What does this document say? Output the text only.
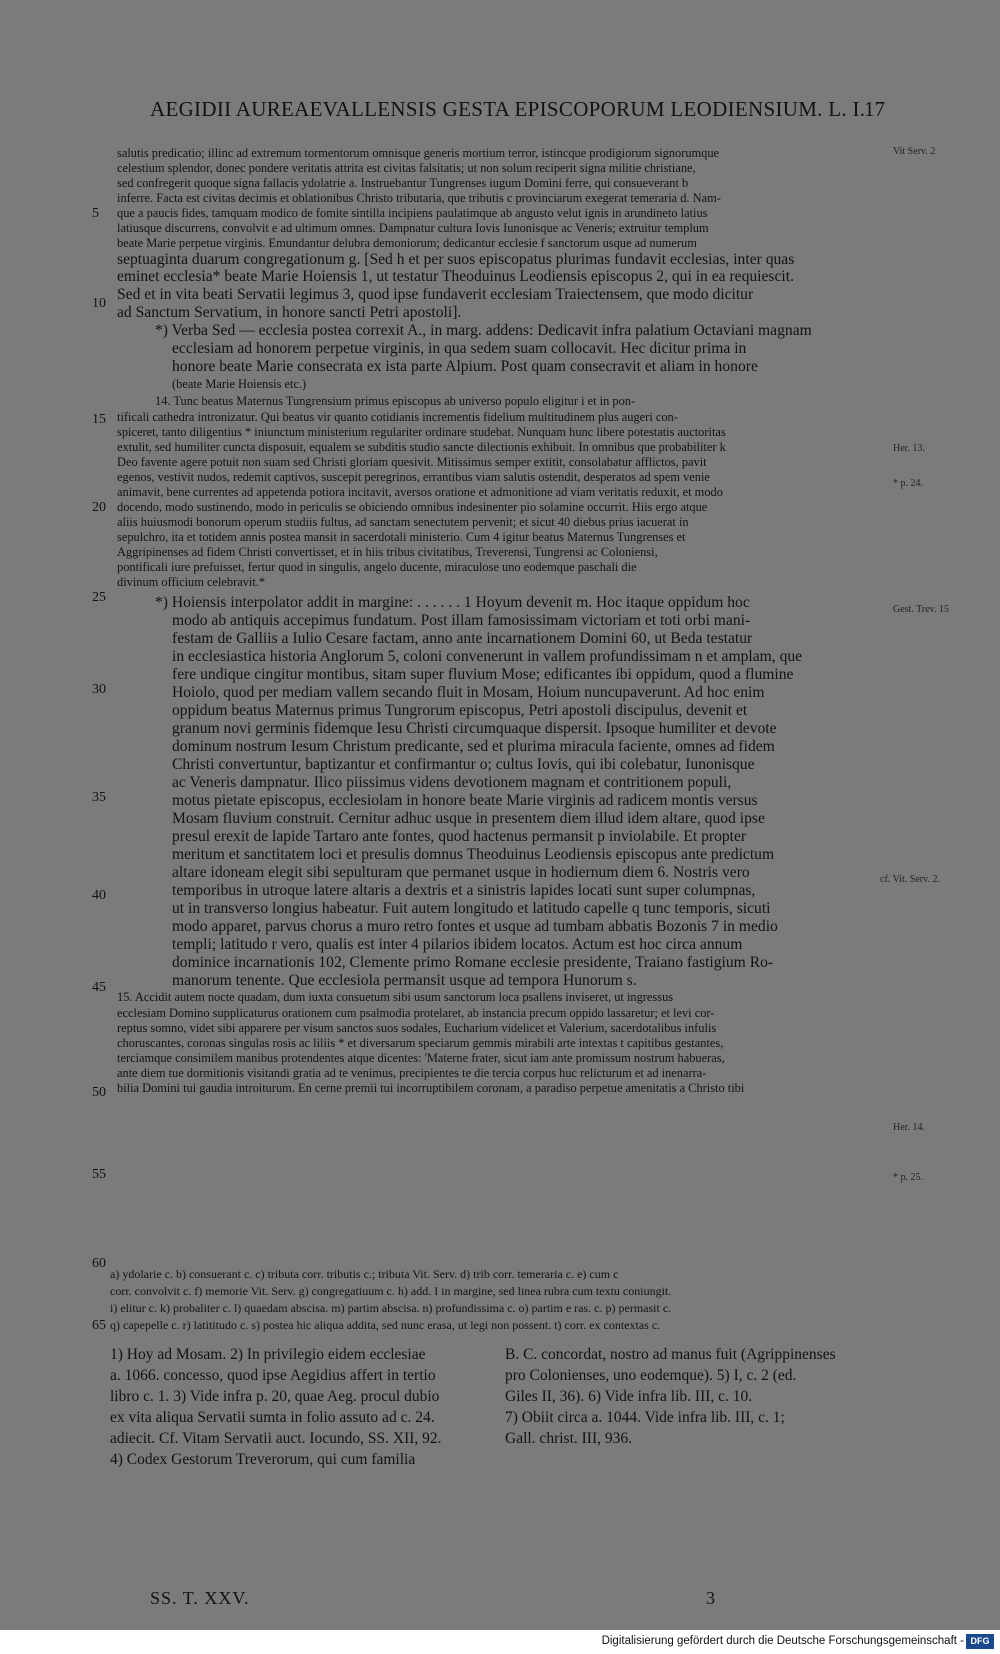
AEGIDII AUREAEVALLENSIS GESTA EPISCOPORUM LEODIENSIUM. L. I.
17
salutis predicatio; illinc ad extremum tormentorum omnisque generis mortium terror, istincque prodigiorum signorumque
celestium splendor, donec pondere veritatis attrita est civitas falsitatis; ut non solum reciperit signa militie christiane,
sed confregerit quoque signa fallacis ydolatrie a. Instruebantur Tungrenses iugum Domini ferre, qui consueverant b
inferre. Facta est civitas decimis et oblationibus Christo tributaria, que tributis c provinciarum exegerat temeraria d. Nam-
que a paucis fides, tamquam modico de fomite sintilla incipiens paulatimque ab angusto velut ignis in arundineto latius
latiusque discurrens, convolvit e ad ultimum omnes. Dampnatur cultura Iovis Iunonisque ac Veneris; extruitur templum
beate Marie perpetue virginis. Emundantur delubra demoniorum; dedicantur ecclesie f sanctorum usque ad numerum
septuaginta duarum congregationum g. [Sed h et per suos episcopatus plurimas fundavit ecclesias, inter quas
eminet ecclesia* beate Marie Hoiensis 1, ut testatur Theoduinus Leodiensis episcopus 2, qui in ea requiescit.
Sed et in vita beati Servatii legimus 3, quod ipse fundaverit ecclesiam Traiectensem, que modo dicitur
ad Sanctum Servatium, in honore sancti Petri apostoli].
*) Verba Sed — ecclesia postea correxit A., in marg. addens: Dedicavit infra palatium Octaviani magnam
ecclesiam ad honorem perpetue virginis, in qua sedem suam collocavit. Hec dicitur prima in
honore beate Marie consecrata ex ista parte Alpium. Post quam consecravit et aliam in honore
(beate Marie Hoiensis etc.)
14. Tunc beatus Maternus Tungrensium primus episcopus ab universo populo eligitur i et in pon-
tificali cathedra intronizatur. Qui beatus vir quanto cotidianis incrementis fidelium multitudinem plus augeri con-
spiceret, tanto diligentius * iniunctum ministerium regulariter ordinare studebat. Nunquam hunc libere potestatis auctoritas
extulit, sed humiliter cuncta disposuit, equalem se subditis studio sancte dilectionis exhibuit. In omnibus que probabiliter k
Deo favente agere potuit non suam sed Christi gloriam quesivit. Mitissimus semper extitit, consolabatur afflictos, pavit
egenos, vestivit nudos, redemit captivos, suscepit peregrinos, errantibus viam salutis ostendit, desperatos ad spem venie
animavit, bene currentes ad appetenda potiora incitavit, aversos oratione et admonitione ad viam veritatis reduxit, et modo
docendo, modo sustinendo, modo in periculis se obiciendo omnibus indesinenter pio solamine occurrit. Hiis ergo atque
aliis huiusmodi bonorum operum studiis fultus, ad sanctam senectutem pervenit; et sicut 40 diebus prius iacuerat in
sepulchro, ita et totidem annis postea mansit in sacerdotali ministerio. Cum 4 igitur beatus Maternus Tungrenses et
Aggripinenses ad fidem Christi convertisset, et in hiis tribus civitatibus, Treverensi, Tungrensi ac Coloniensi,
pontificali iure prefuisset, fertur quod in singulis, angelo ducente, miraculose uno eodemque paschali die
divinum officium celebravit.*
*) Hoiensis interpolator addit in margine: . . . . . . 1 Hoyum devenit m. Hoc itaque oppidum hoc
modo ab antiquis accepimus fundatum. Post illam famosissimam victoriam et toti orbi mani-
festam de Galliis a Iulio Cesare factam, anno ante incarnationem Domini 60, ut Beda testatur
in ecclesiastica historia Anglorum 5, coloni convenerunt in vallem profundissimam n et amplam, que
fere undique cingitur montibus, sitam super fluvium Mose; edificantes ibi oppidum, quod a flumine
Hoiolo, quod per mediam vallem secando fluit in Mosam, Hoium nuncupaverunt. Ad hoc enim
oppidum beatus Maternus primus Tungrorum episcopus, Petri apostoli discipulus, devenit et
granum novi germinis fidemque Iesu Christi circumquaque dispersit. Ipsoque humiliter et devote
dominum nostrum Iesum Christum predicante, sed et plurima miracula faciente, omnes ad fidem
Christi convertuntur, baptizantur et confirmantur o; cultus Iovis, qui ibi colebatur, Iunonisque
ac Veneris dampnatur. Ilico piissimus videns devotionem magnam et contritionem populi,
motus pietate episcopus, ecclesiolam in honore beate Marie virginis ad radicem montis versus
Mosam fluvium construit. Cernitur adhuc usque in presentem diem illud idem altare, quod ipse
presul erexit de lapide Tartaro ante fontes, quod hactenus permansit p inviolabile. Et propter
meritum et sanctitatem loci et presulis domnus Theoduinus Leodiensis episcopus ante predictum
altare idoneam elegit sibi sepulturam que permanet usque in hodiernum diem 6. Nostris vero
temporibus in utroque latere altaris a dextris et a sinistris lapides locati sunt super columpnas,
ut in transverso longius habeatur. Fuit autem longitudo et latitudo capelle q tunc temporis, sicuti
modo apparet, parvus chorus a muro retro fontes et usque ad tumbam abbatis Bozonis 7 in medio
templi; latitudo r vero, qualis est inter 4 pilarios ibidem locatos. Actum est hoc circa annum
dominice incarnationis 102, Clemente primo Romane ecclesie presidente, Traiano fastigium Ro-
manorum tenente. Que ecclesiola permansit usque ad tempora Hunorum s.
15. Accidit autem nocte quadam, dum iuxta consuetum sibi usum sanctorum loca psallens inviseret, ut ingressus
ecclesiam Domino supplicaturus orationem cum psalmodia protelaret, ab instancia precum oppido lassaretur; et levi cor-
reptus somno, videt sibi apparere per visum sanctos suos sodales, Eucharium videlicet et Valerium, sacerdotalibus infulis
choruscantes, coronas singulas rosis ac liliis * et diversarum speciarum gemmis mirabili arte intextas t capitibus gestantes,
terciamque consimilem manibus protendentes atque dicentes: 'Materne frater, sicut iam ante promissum nostrum habueras,
ante diem tue dormitionis visitandi gratia ad te venimus, precipientes te die tercia corpus huc relicturum et ad inenarra-
bilia Domini tui gaudia introiturum. En cerne premii tui incorruptibilem coronam, a paradiso perpetue amenitatis a Christo tibi
5
10
15
20
25
30
35
40
45
50
55
60
65
Vit Serv. 2
Her. 13.
* p. 24.
Gest. Trev. 15
cf. Vit. Serv. 2.
Her. 14.
* p. 25.
a) ydolarie c. b) consuerant c. c) tributa corr. tributis c.; tributa Vit. Serv. d) trib corr. temeraria c. e) cum c
corr. convolvit c. f) memorie Vit. Serv. g) congregatiuum c. h) add. I in margine, sed linea rubra cum textu coniungit.
i) elitur c. k) probaliter c. l) quaedam abscisa. m) partim abscisa. n) profundissima c. o) partim e ras. c. p) permasit c.
q) capepelle c. r) latititudo c. s) postea hic aliqua addita, sed nunc erasa, ut legi non possent. t) corr. ex contextas c.
1) Hoy ad Mosam. 2) In privilegio eidem ecclesiae
a. 1066. concesso, quod ipse Aegidius affert in tertio
libro c. 1. 3) Vide infra p. 20, quae Aeg. procul dubio
ex vita aliqua Servatii sumta in folio assuto ad c. 24.
adiecit. Cf. Vitam Servatii auct. Iocundo, SS. XII, 92.
4) Codex Gestorum Treverorum, qui cum familia
B. C. concordat, nostro ad manus fuit (Agrippinenses
pro Colonienses, uno eodemque). 5) I, c. 2 (ed.
Giles II, 36). 6) Vide infra lib. III, c. 10.
7) Obiit circa a. 1044. Vide infra lib. III, c. 1;
Gall. christ. III, 936.
SS. T. XXV.	3
Digitalisierung gefördert durch die Deutsche Forschungsgemeinschaft - DFG
